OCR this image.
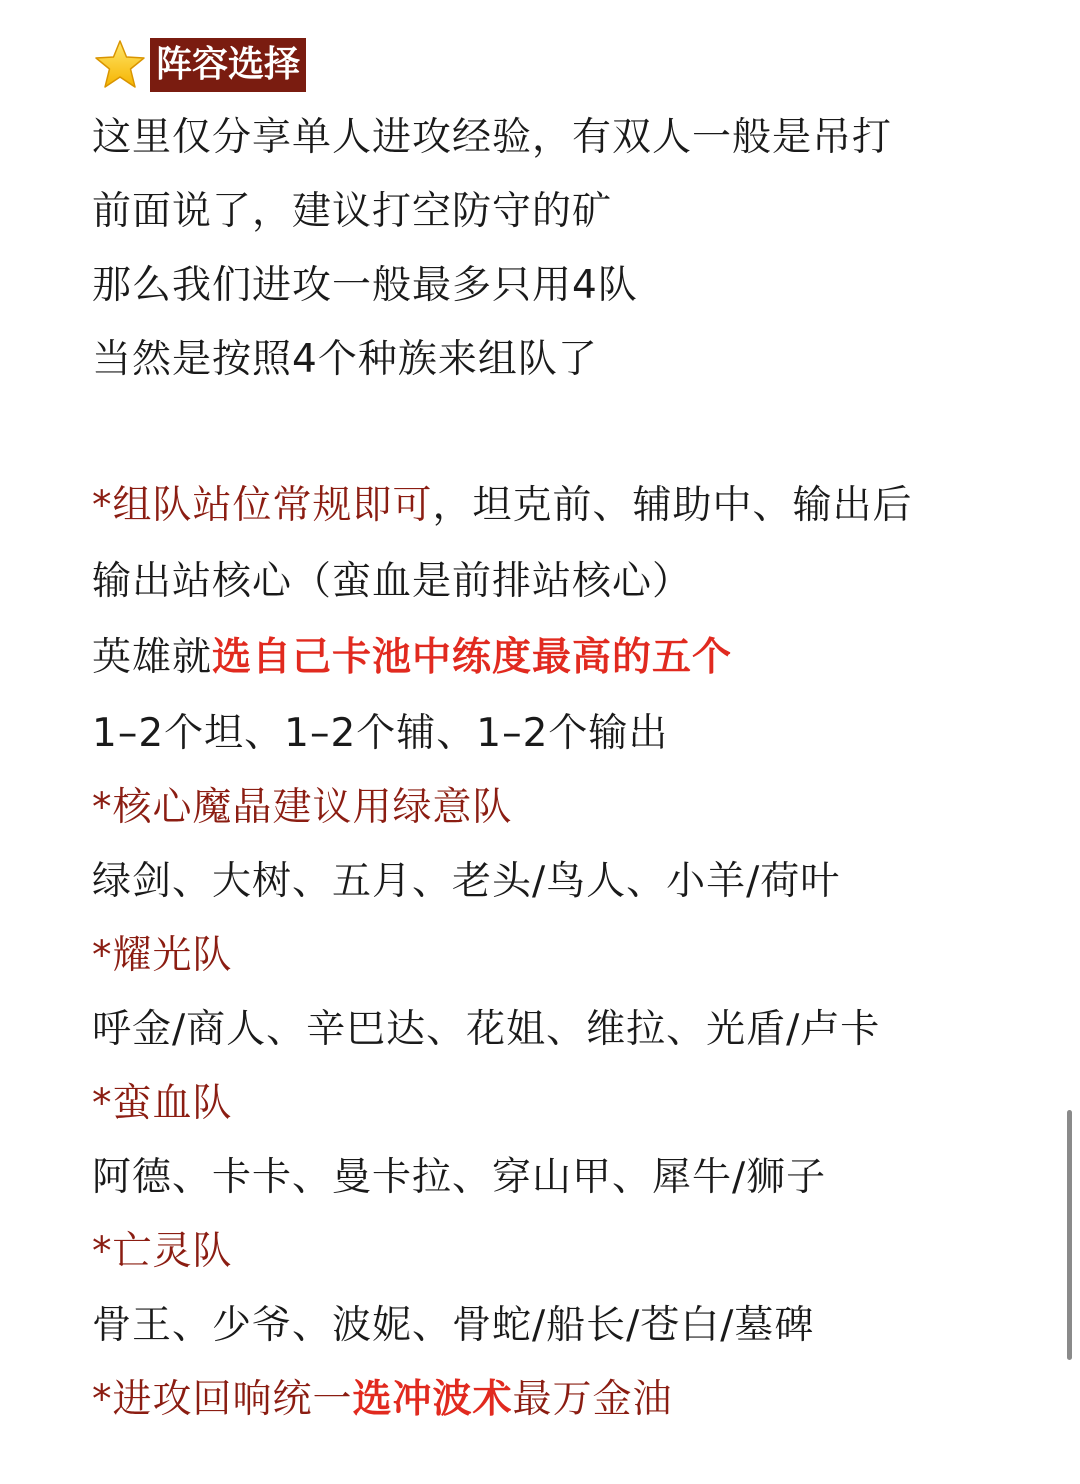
阵容选择
这里仅分享单人进攻经验，有双人一般是吊打
前面说了，建议打空防守的矿
那么我们进攻一般最多只用4队
当然是按照4个种族来组队了
*组队站位常规即可，坦克前、辅助中、输出后
输出站核心（蛮血是前排站核心）
英雄就选自己卡池中练度最高的五个
1–2个坦、1–2个辅、1–2个输出
*核心魔晶建议用绿意队
绿剑、大树、五月、老头/鸟人、小羊/荷叶
*耀光队
呼金/商人、辛巴达、花姐、维拉、光盾/卢卡
*蛮血队
阿德、卡卡、曼卡拉、穿山甲、犀牛/狮子
*亡灵队
骨王、少爷、波妮、骨蛇/船长/苍白/墓碑
*进攻回响统一选冲波术最万金油
